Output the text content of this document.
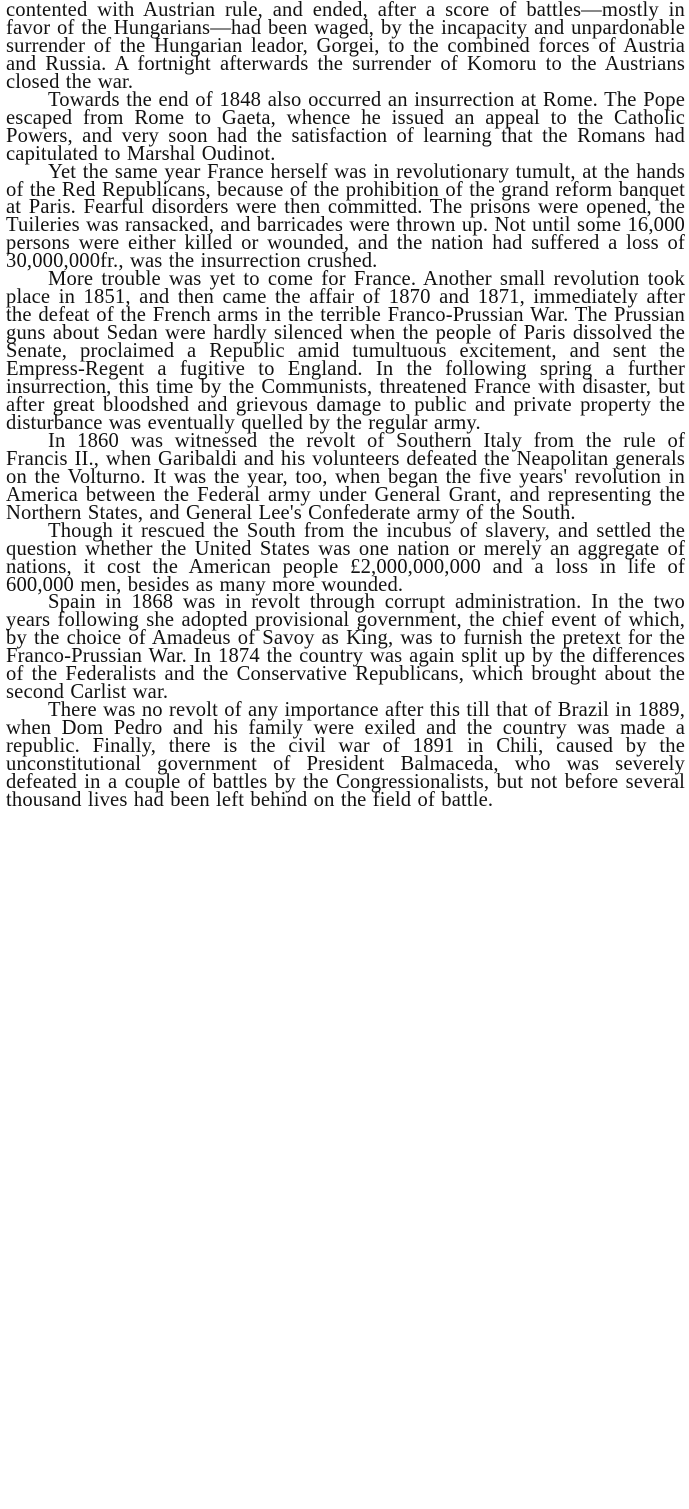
contented with Austrian rule, and ended, after a score of battles—mostly in favor of the Hungarians—had been waged, by the incapacity and unpardonable surrender of the Hungarian leador, Gorgei, to the combined forces of Austria and Russia. A fortnight afterwards the surrender of Komoru to the Austrians closed the war.

Towards the end of 1848 also occurred an insurrection at Rome. The Pope escaped from Rome to Gaeta, whence he issued an appeal to the Catholic Powers, and very soon had the satisfaction of learning that the Romans had capitulated to Marshal Oudinot.

Yet the same year France herself was in revolutionary tumult, at the hands of the Red Republicans, because of the prohibition of the grand reform banquet at Paris. Fearful disorders were then committed. The prisons were opened, the Tuileries was ransacked, and barricades were thrown up. Not until some 16,000 persons were either killed or wounded, and the nation had suffered a loss of 30,000,000fr., was the insurrection crushed.

More trouble was yet to come for France. Another small revolution took place in 1851, and then came the affair of 1870 and 1871, immediately after the defeat of the French arms in the terrible Franco-Prussian War. The Prussian guns about Sedan were hardly silenced when the people of Paris dissolved the Senate, proclaimed a Republic amid tumultuous excitement, and sent the Empress-Regent a fugitive to England. In the following spring a further insurrection, this time by the Communists, threatened France with disaster, but after great bloodshed and grievous damage to public and private property the disturbance was eventually quelled by the regular army.

In 1860 was witnessed the revolt of Southern Italy from the rule of Francis II., when Garibaldi and his volunteers defeated the Neapolitan generals on the Volturno. It was the year, too, when began the five years' revolution in America between the Federal army under General Grant, and representing the Northern States, and General Lee's Confederate army of the South.

Though it rescued the South from the incubus of slavery, and settled the question whether the United States was one nation or merely an aggregate of nations, it cost the American people £2,000,000,000 and a loss in life of 600,000 men, besides as many more wounded.

Spain in 1868 was in revolt through corrupt administration. In the two years following she adopted provisional government, the chief event of which, by the choice of Amadeus of Savoy as King, was to furnish the pretext for the Franco-Prussian War. In 1874 the country was again split up by the differences of the Federalists and the Conservative Republicans, which brought about the second Carlist war.

There was no revolt of any importance after this till that of Brazil in 1889, when Dom Pedro and his family were exiled and the country was made a republic. Finally, there is the civil war of 1891 in Chili, caused by the unconstitutional government of President Balmaceda, who was severely defeated in a couple of battles by the Congressionalists, but not before several thousand lives had been left behind on the field of battle.
